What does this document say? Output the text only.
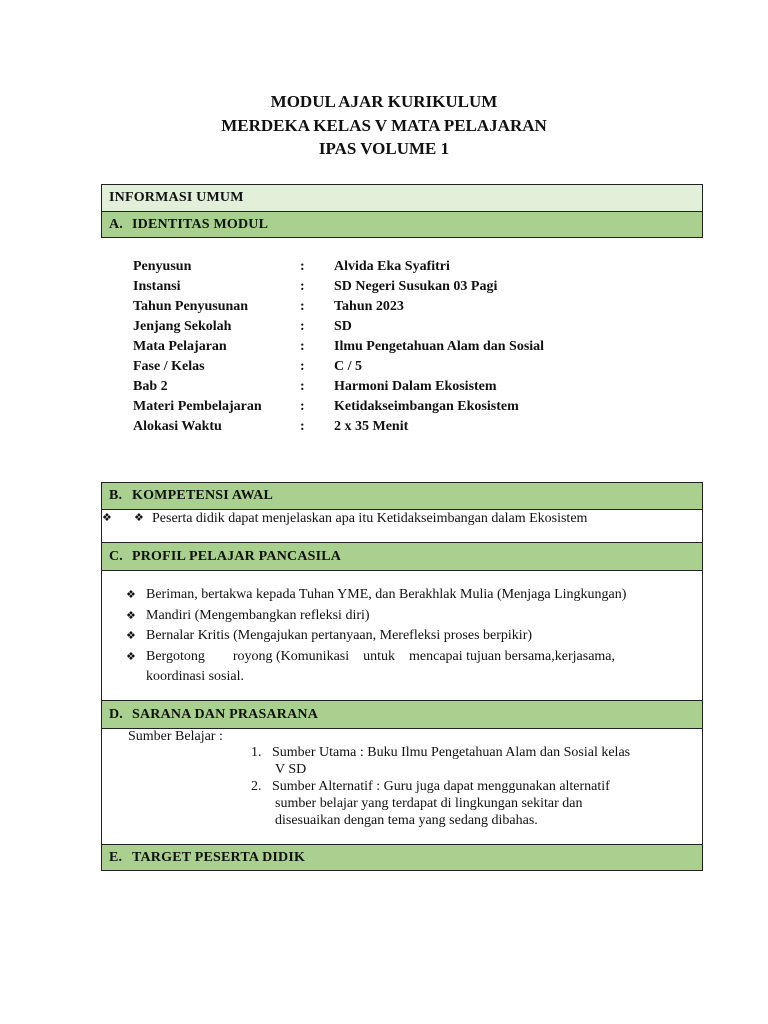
MODUL AJAR KURIKULUM
MERDEKA KELAS V MATA PELAJARAN
IPAS VOLUME 1
INFORMASI UMUM
A. IDENTITAS MODUL
Penyusun	:	Alvida Eka Syafitri
Instansi	:	SD Negeri Susukan 03 Pagi
Tahun Penyusunan	:	Tahun 2023
Jenjang Sekolah	:	SD
Mata Pelajaran	:	Ilmu Pengetahuan Alam dan Sosial
Fase / Kelas	:	C / 5
Bab 2	:	Harmoni Dalam Ekosistem
Materi Pembelajaran	:	Ketidakseimbangan Ekosistem
Alokasi Waktu	:	2 x 35 Menit
B. KOMPETENSI AWAL
❖	❖ Peserta didik dapat menjelaskan apa itu Ketidakseimbangan dalam Ekosistem
C. PROFIL PELAJAR PANCASILA
❖ Beriman, bertakwa kepada Tuhan YME, dan Berakhlak Mulia (Menjaga Lingkungan)
❖ Mandiri (Mengembangkan refleksi diri)
❖ Bernalar Kritis (Mengajukan pertanyaan, Merefleksi proses berpikir)
❖ Bergotong        royong (Komunikasi    untuk    mencapai tujuan bersama,kerjasama,
koordinasi sosial.
D. SARANA DAN PRASARANA
Sumber Belajar :
1. Sumber Utama : Buku Ilmu Pengetahuan Alam dan Sosial kelas
V SD
2. Sumber Alternatif : Guru juga dapat menggunakan alternatif
sumber belajar yang terdapat di lingkungan sekitar dan
disesuaikan dengan tema yang sedang dibahas.
E. TARGET PESERTA DIDIK
